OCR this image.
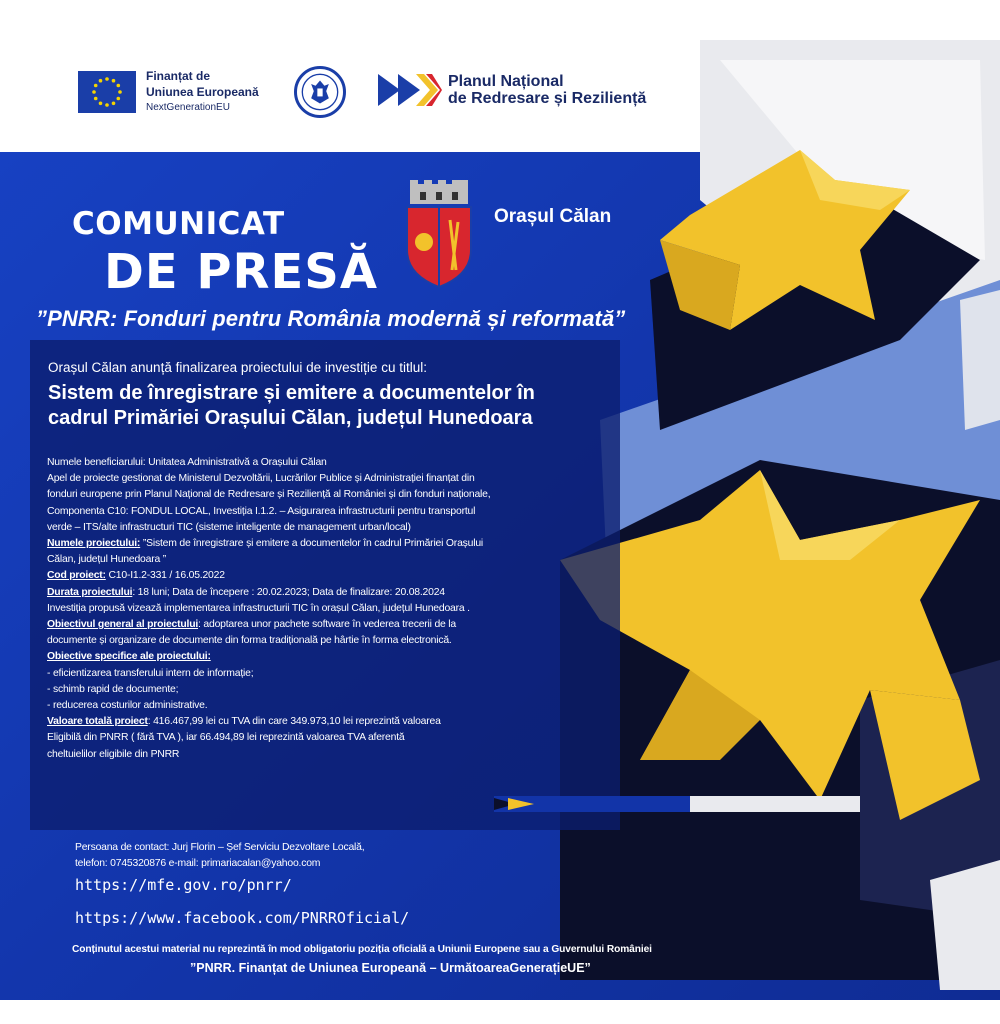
Finanțat de
Uniunea Europeană
NextGenerationEU
Planul Național
de Redresare și Reziliență
COMUNICAT
DE PRESĂ
Orașul Călan
”PNRR: Fonduri pentru România modernă și reformată”
Orașul Călan anunță finalizarea proiectului de investiție cu titlul:
Sistem de înregistrare și emitere a documentelor în
cadrul Primăriei Orașului Călan, județul Hunedoara
Numele beneficiarului: Unitatea Administrativă a Orașului Călan
Apel de proiecte gestionat de Ministerul Dezvoltării, Lucrărilor Publice și Administrației finanțat din
fonduri europene prin Planul Național de Redresare și Reziliență al României și din fonduri naționale,
Componenta C10: FONDUL LOCAL, Investiția I.1.2. – Asigurarea infrastructurii pentru transportul
verde – ITS/alte infrastructuri TIC (sisteme inteligente de management urban/local)
Numele proiectului: ”Sistem de înregistrare și emitere a documentelor în cadrul Primăriei Orașului
Călan, județul Hunedoara ”
Cod proiect: C10-I1.2-331 / 16.05.2022
Durata proiectului: 18 luni; Data de începere : 20.02.2023; Data de finalizare: 20.08.2024
Investiția propusă vizează implementarea infrastructurii TIC în orașul Călan, județul Hunedoara .
Obiectivul general al proiectului: adoptarea unor pachete software în vederea trecerii de la
documente și organizare de documente din forma tradițională pe hârtie în forma electronică.
Obiective specifice ale proiectului:
- eficientizarea transferului intern de informație;
- schimb rapid de documente;
- reducerea costurilor administrative.
Valoare totală proiect: 416.467,99 lei cu TVA din care 349.973,10 lei reprezintă valoarea
Eligibilă din PNRR ( fără TVA ), iar 66.494,89 lei reprezintă valoarea TVA aferentă
cheltuielilor eligibile din PNRR
Persoana de contact: Jurj Florin – Șef Serviciu Dezvoltare Locală,
telefon: 0745320876 e-mail: primariacalan@yahoo.com
https://mfe.gov.ro/pnrr/
https://www.facebook.com/PNRROficial/
Conținutul acestui material nu reprezintă în mod obligatoriu poziția oficială a Uniunii Europene sau a Guvernului României
”PNRR. Finanțat de Uniunea Europeană – UrmătoareaGenerațieUE”
